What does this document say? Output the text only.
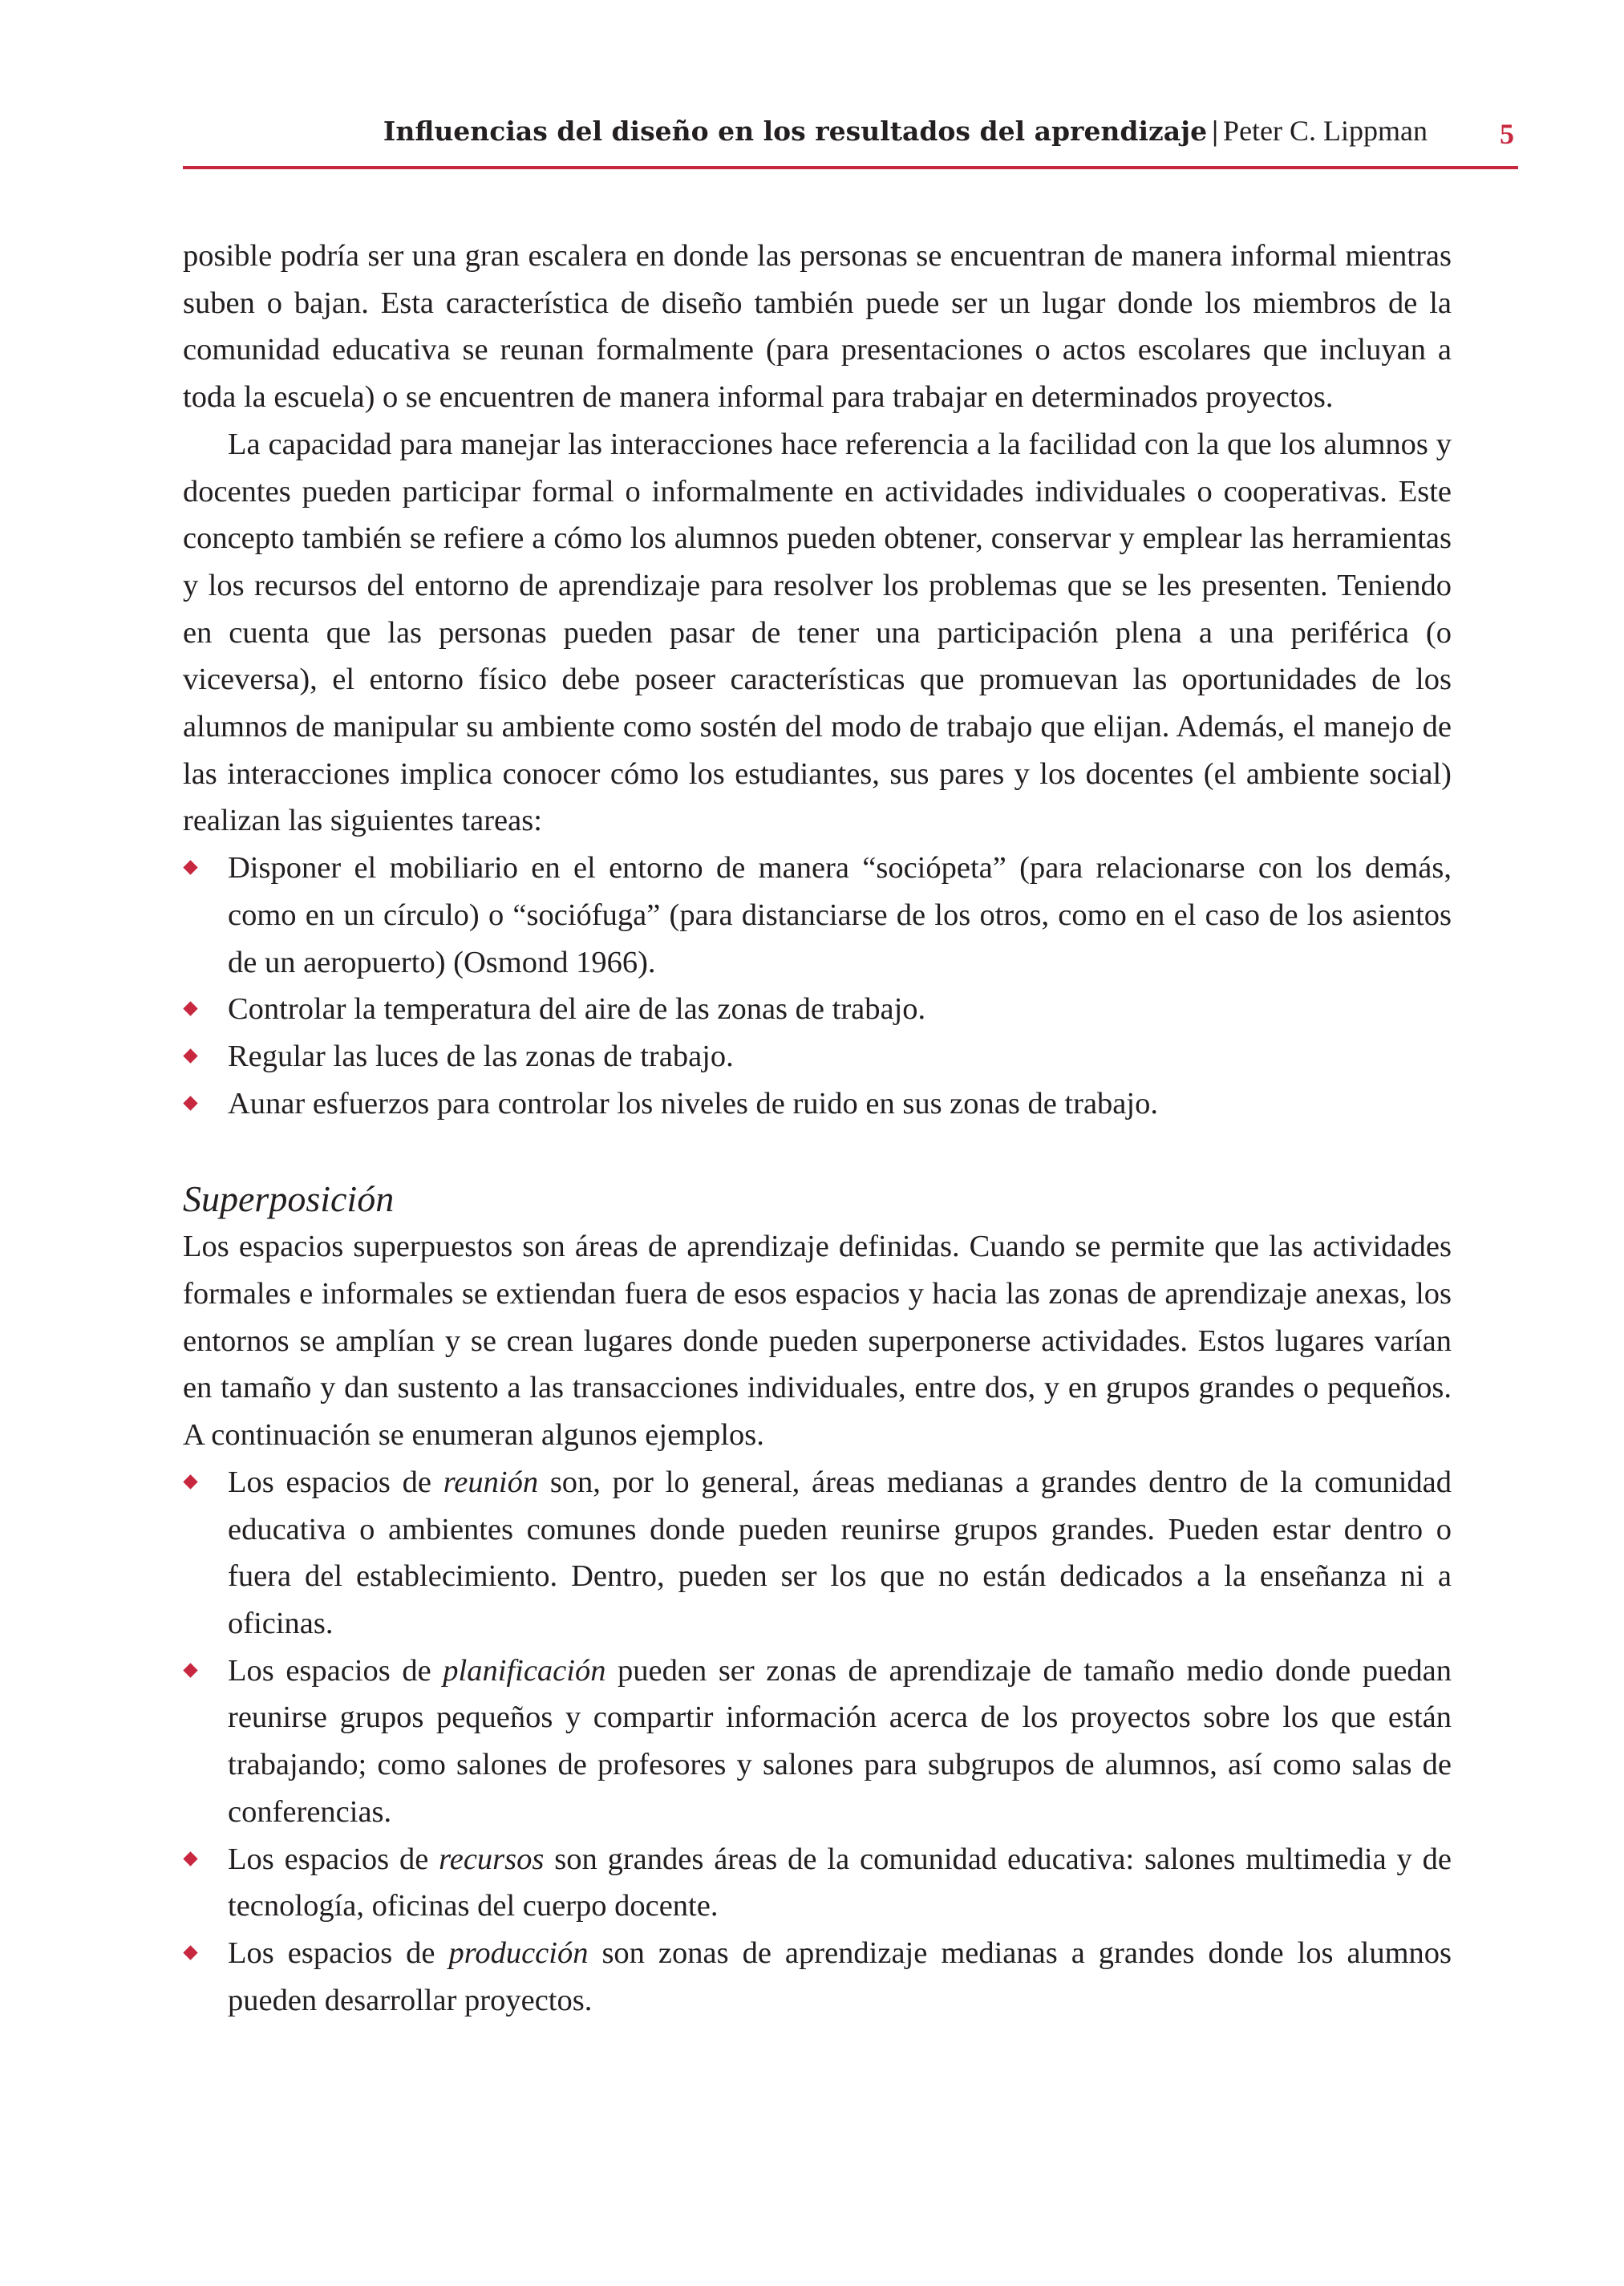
Influencias del diseño en los resultados del aprendizaje | Peter C. Lippman	5

posible podría ser una gran escalera en donde las personas se encuentran de manera informal mientras suben o bajan. Esta característica de diseño también puede ser un lugar donde los miembros de la comunidad educativa se reunan formalmente (para presentaciones o actos escolares que incluyan a toda la escuela) o se encuentren de manera informal para trabajar en determinados proyectos.

La capacidad para manejar las interacciones hace referencia a la facilidad con la que los alumnos y docentes pueden participar formal o informalmente en actividades individuales o cooperativas. Este concepto también se refiere a cómo los alumnos pueden obtener, conservar y emplear las herramientas y los recursos del entorno de aprendizaje para resolver los problemas que se les presenten. Teniendo en cuenta que las personas pueden pasar de tener una participación plena a una periférica (o viceversa), el entorno físico debe poseer características que promuevan las oportunidades de los alumnos de manipular su ambiente como sostén del modo de trabajo que elijan. Además, el manejo de las interacciones implica conocer cómo los estudiantes, sus pares y los docentes (el ambiente social) realizan las siguientes tareas:

Disponer el mobiliario en el entorno de manera “sociópeta” (para relacionarse con los demás, como en un círculo) o “sociófuga” (para distanciarse de los otros, como en el caso de los asientos de un aeropuerto) (Osmond 1966).
Controlar la temperatura del aire de las zonas de trabajo.
Regular las luces de las zonas de trabajo.
Aunar esfuerzos para controlar los niveles de ruido en sus zonas de trabajo.
Superposición

Los espacios superpuestos son áreas de aprendizaje definidas. Cuando se permite que las actividades formales e informales se extiendan fuera de esos espacios y hacia las zonas de aprendizaje anexas, los entornos se amplían y se crean lugares donde pueden superponerse actividades. Estos lugares varían en tamaño y dan sustento a las transacciones individuales, entre dos, y en grupos grandes o pequeños. A continuación se enumeran algunos ejemplos.

Los espacios de reunión son, por lo general, áreas medianas a grandes dentro de la comunidad educativa o ambientes comunes donde pueden reunirse grupos grandes. Pueden estar dentro o fuera del establecimiento. Dentro, pueden ser los que no están dedicados a la enseñanza ni a oficinas.
Los espacios de planificación pueden ser zonas de aprendizaje de tamaño medio donde puedan reunirse grupos pequeños y compartir información acerca de los proyectos sobre los que están trabajando; como salones de profesores y salones para subgrupos de alumnos, así como salas de conferencias.
Los espacios de recursos son grandes áreas de la comunidad educativa: salones multimedia y de tecnología, oficinas del cuerpo docente.
Los espacios de producción son zonas de aprendizaje medianas a grandes donde los alumnos pueden desarrollar proyectos.
